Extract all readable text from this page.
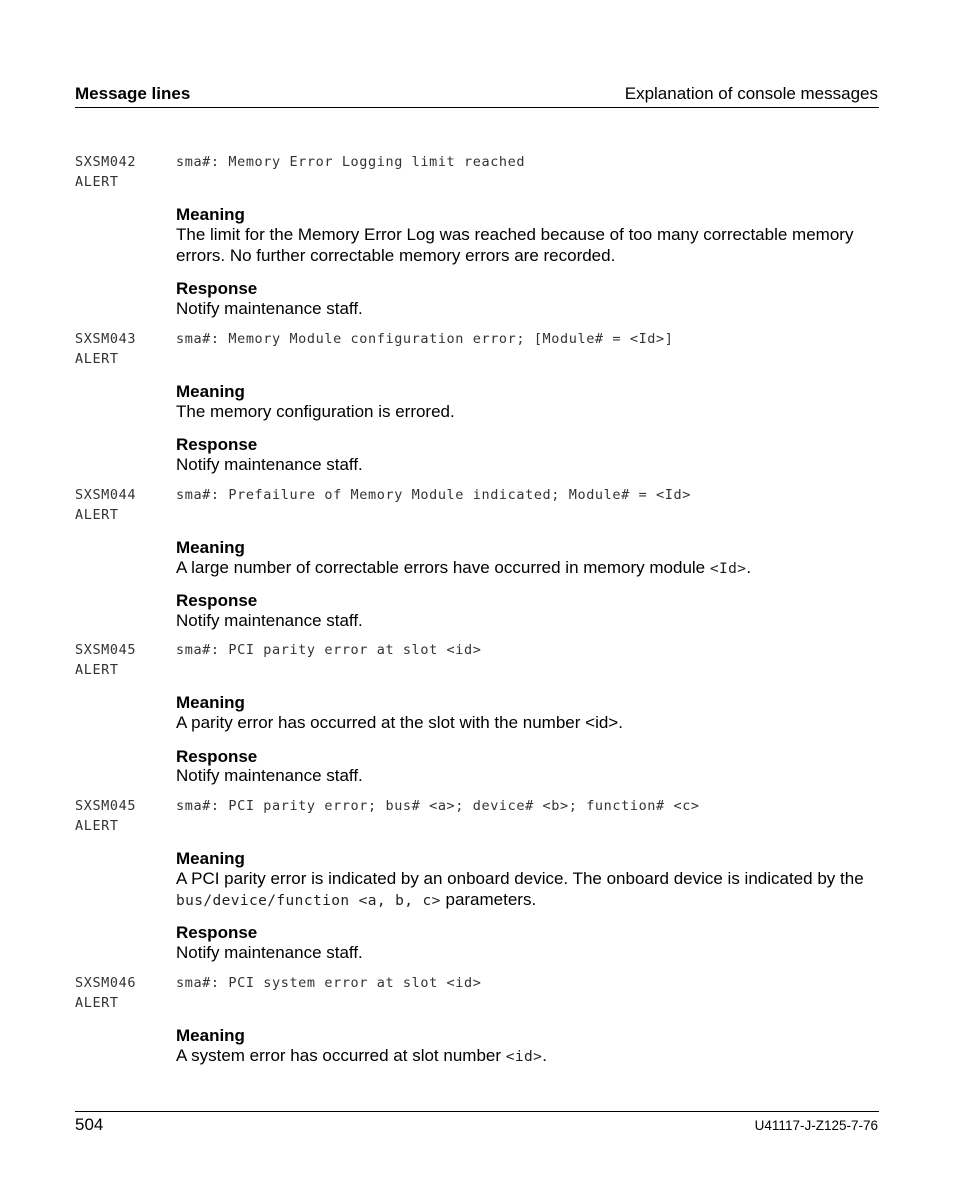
Message lines	Explanation of console messages
SXSM042
ALERT
sma#: Memory Error Logging limit reached
Meaning
The limit for the Memory Error Log was reached because of too many correctable memory errors. No further correctable memory errors are recorded.
Response
Notify maintenance staff.
SXSM043
ALERT
sma#: Memory Module configuration error; [Module# = <Id>]
Meaning
The memory configuration is errored.
Response
Notify maintenance staff.
SXSM044
ALERT
sma#: Prefailure of Memory Module indicated; Module# = <Id>
Meaning
A large number of correctable errors have occurred in memory module <Id>.
Response
Notify maintenance staff.
SXSM045
ALERT
sma#: PCI parity error at slot <id>
Meaning
A parity error has occurred at the slot with the number <id>.
Response
Notify maintenance staff.
SXSM045
ALERT
sma#: PCI parity error; bus# <a>; device# <b>; function# <c>
Meaning
A PCI parity error is indicated by an onboard device. The onboard device is indicated by the
bus/device/function <a, b, c> parameters.
Response
Notify maintenance staff.
SXSM046
ALERT
sma#: PCI system error at slot <id>
Meaning
A system error has occurred at slot number <id>.
504	U41117-J-Z125-7-76
